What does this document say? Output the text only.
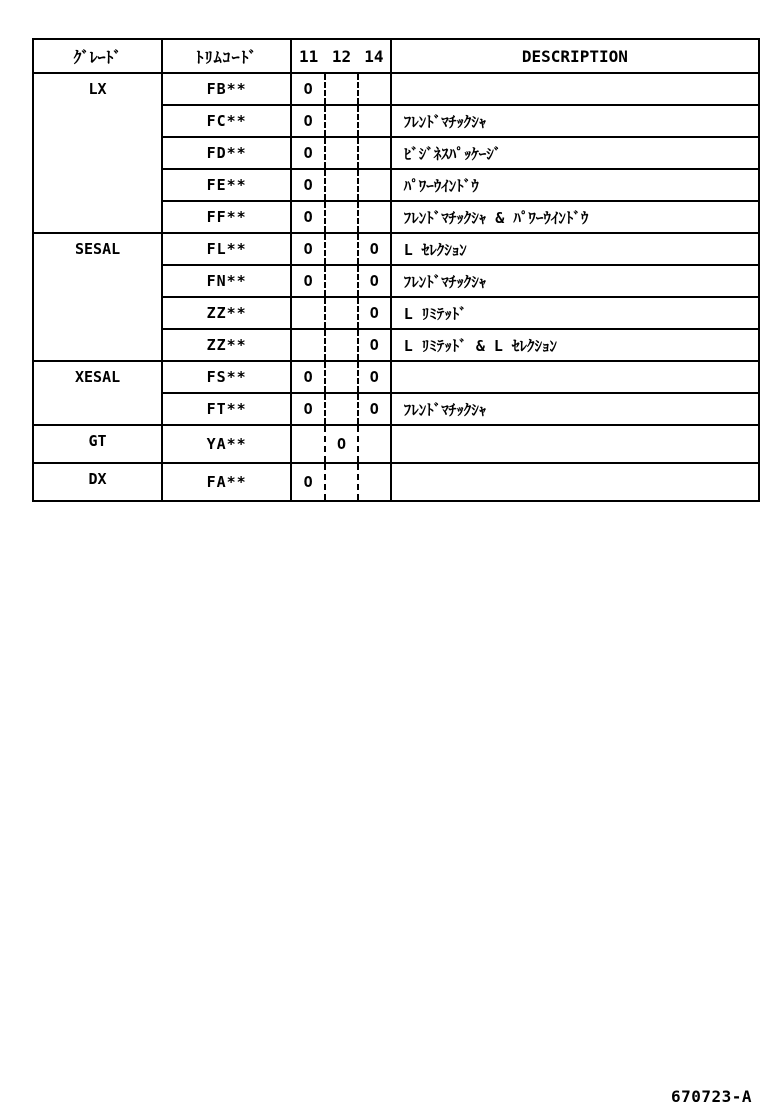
ｸﾞﾚｰﾄﾞ	ﾄﾘﾑｺｰﾄﾞ	11	12	14	DESCRIPTION
LX	FB**	O			
	FC**	O			ﾌﾚﾝﾄﾞﾏﾁｯｸｼｬ
	FD**	O			ﾋﾞｼﾞﾈｽﾊﾟｯｹｰｼﾞ
	FE**	O			ﾊﾟﾜｰｳｲﾝﾄﾞｳ
	FF**	O			ﾌﾚﾝﾄﾞﾏﾁｯｸｼｬ & ﾊﾟﾜｰｳｲﾝﾄﾞｳ
SESAL	FL**	O		O	L ｾﾚｸｼｮﾝ
	FN**	O		O	ﾌﾚﾝﾄﾞﾏﾁｯｸｼｬ
	ZZ**			O	L ﾘﾐﾃｯﾄﾞ
	ZZ**			O	L ﾘﾐﾃｯﾄﾞ & L ｾﾚｸｼｮﾝ
XESAL	FS**	O		O	
	FT**	O		O	ﾌﾚﾝﾄﾞﾏﾁｯｸｼｬ
GT	YA**		O		
DX	FA**	O			
670723-A
